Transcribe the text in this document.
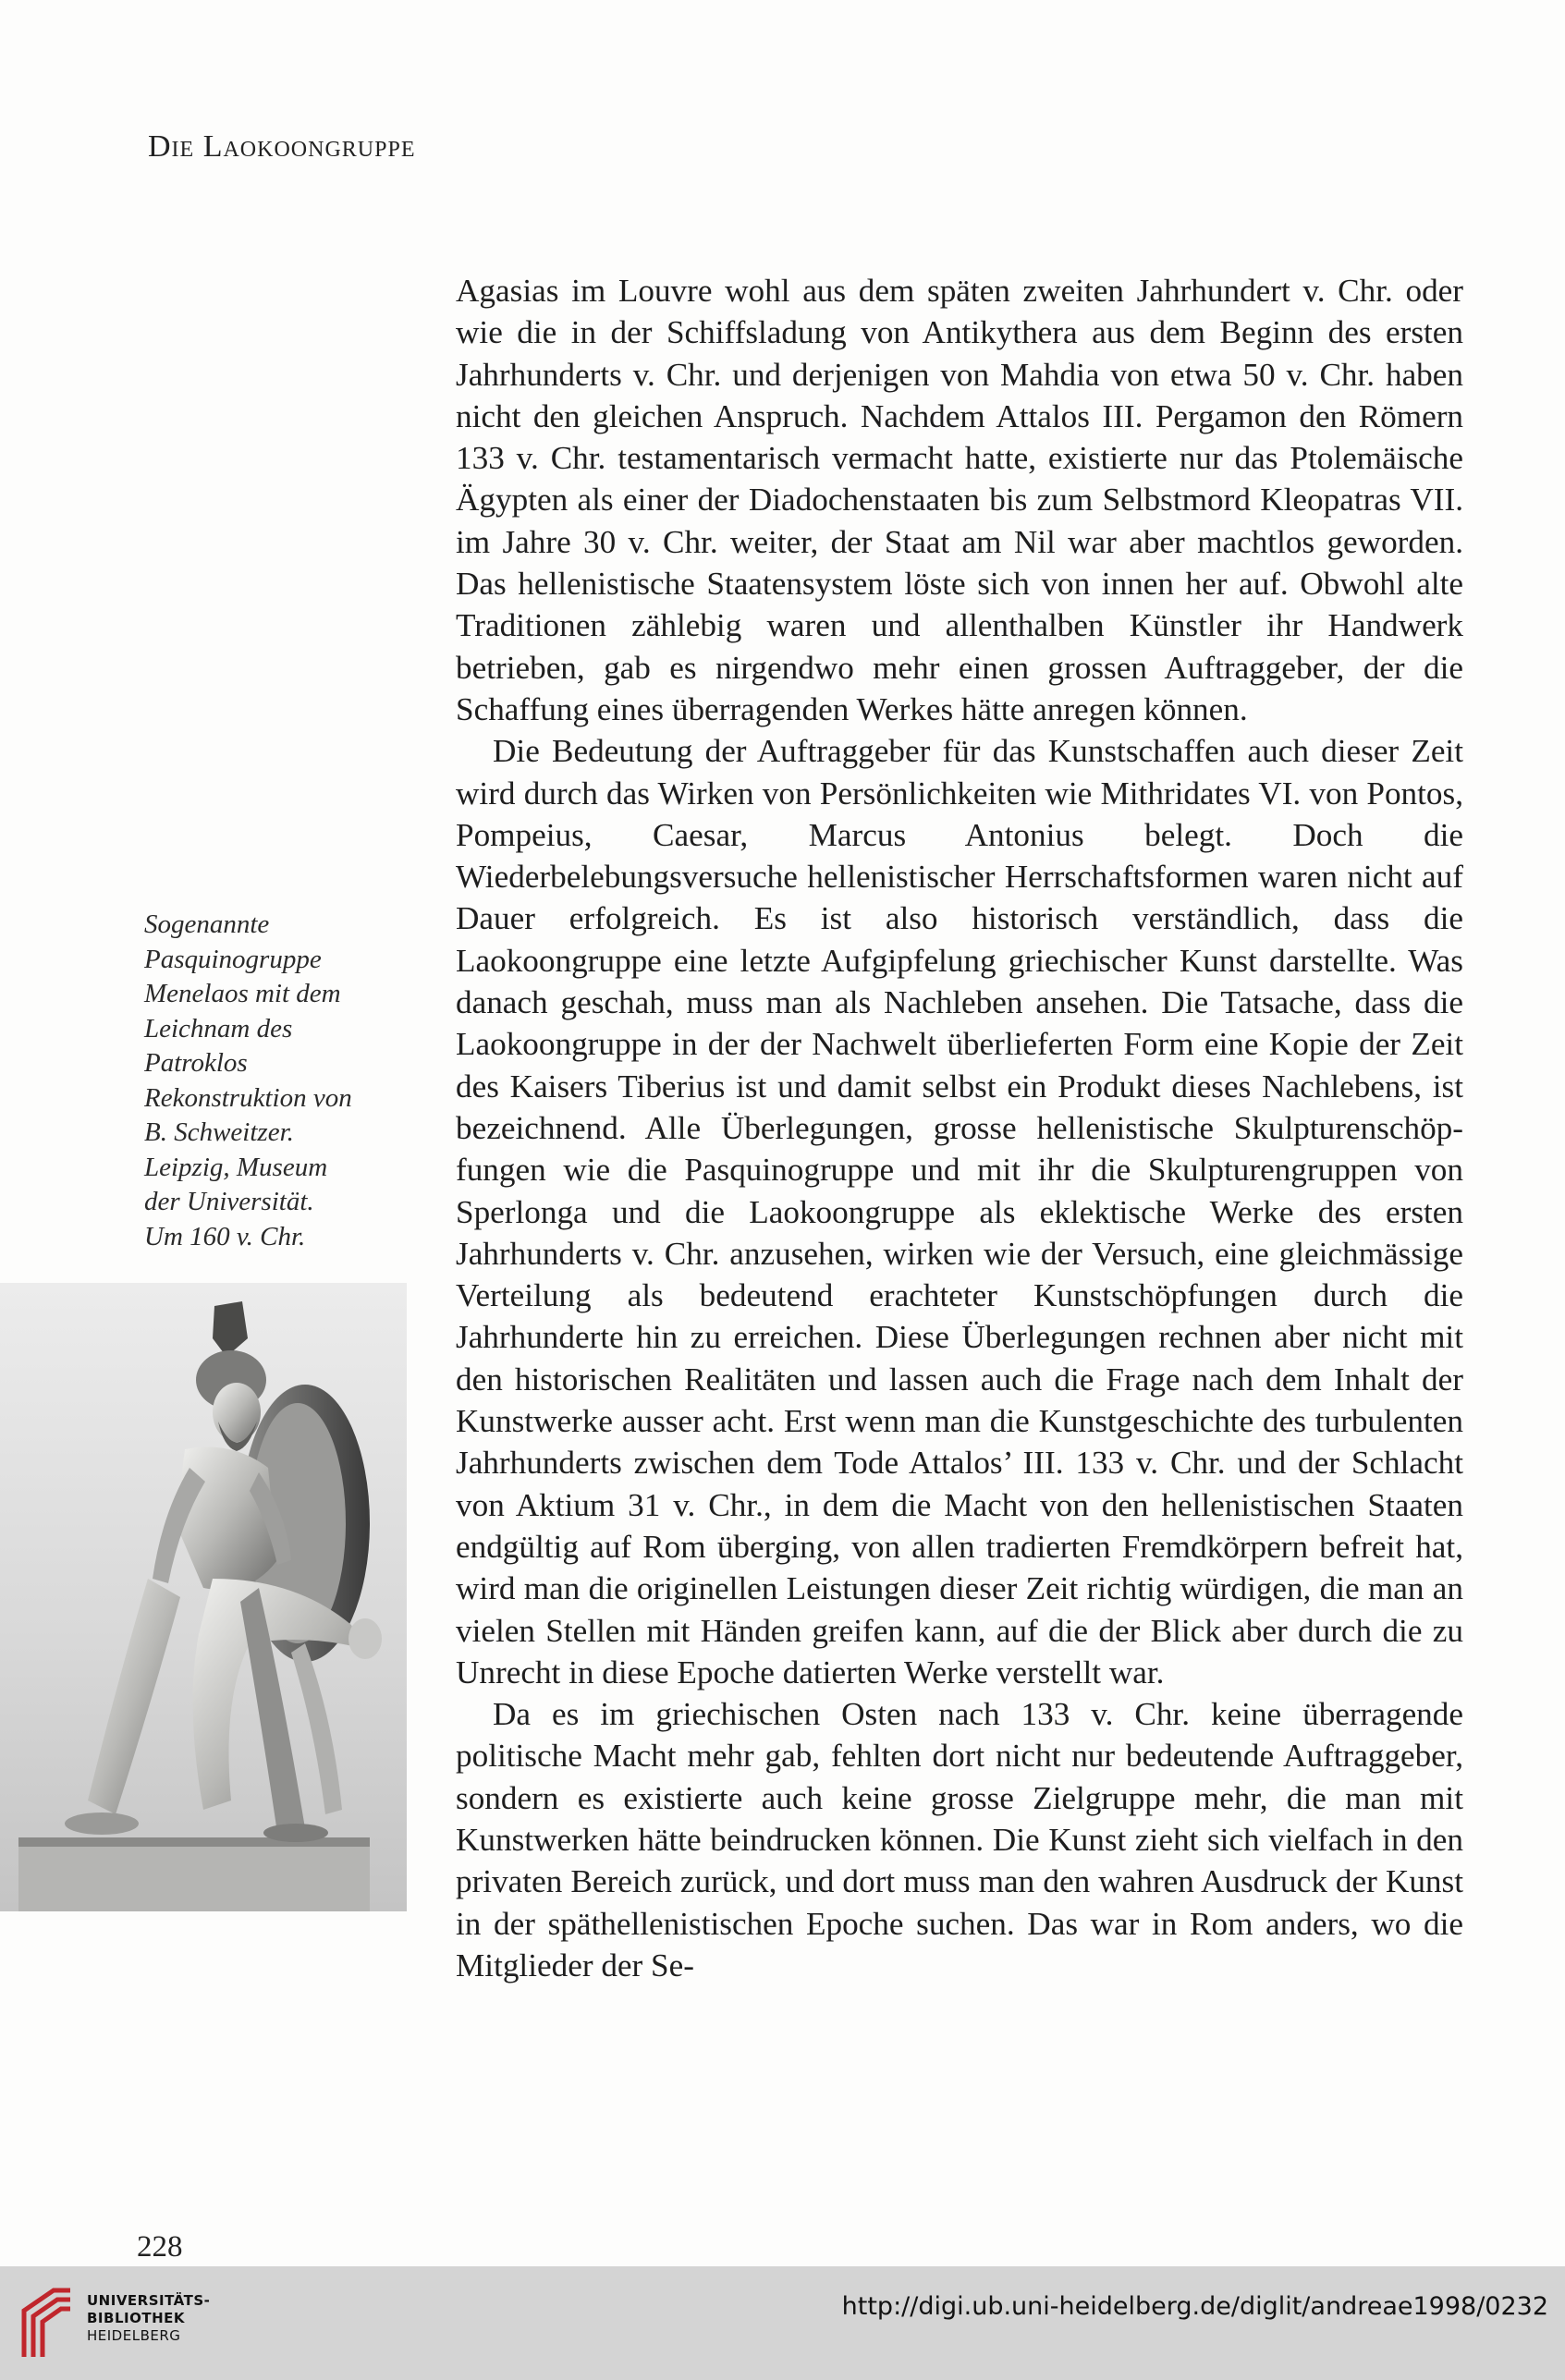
Die Laokoongruppe

Agasias im Louvre wohl aus dem späten zweiten Jahrhundert v. Chr. oder wie die in der Schiffsladung von Antikythera aus dem Beginn des ersten Jahrhunderts v. Chr. und derjenigen von Mahdia von etwa 50 v. Chr. haben nicht den gleichen Anspruch. Nachdem Attalos III. Pergamon den Römern 133 v. Chr. testamentarisch vermacht hatte, existierte nur das Ptolemäische Ägypten als einer der Diadochenstaaten bis zum Selbstmord Kleopatras VII. im Jahre 30 v. Chr. weiter, der Staat am Nil war aber machtlos geworden. Das hellenistische Staatensystem löste sich von innen her auf. Obwohl alte Traditionen zählebig waren und allenthalben Künstler ihr Handwerk betrieben, gab es nirgendwo mehr einen grossen Auftraggeber, der die Schaffung eines überragenden Werkes hätte anregen können.

Die Bedeutung der Auftraggeber für das Kunstschaffen auch dieser Zeit wird durch das Wirken von Persönlichkeiten wie Mithridates VI. von Pontos, Pompeius, Caesar, Marcus Antonius belegt. Doch die Wiederbelebungsversuche hellenistischer Herrschaftsformen waren nicht auf Dauer erfolgreich. Es ist also historisch verständlich, dass die Laokoongruppe eine letzte Aufgipfelung griechischer Kunst darstellte. Was danach geschah, muss man als Nachleben ansehen. Die Tatsache, dass die Laokoongruppe in der der Nachwelt überlieferten Form eine Kopie der Zeit des Kaisers Tiberius ist und damit selbst ein Produkt dieses Nachlebens, ist bezeichnend. Alle Überlegungen, grosse hellenistische Skulpturenschöpfungen wie die Pasquinogruppe und mit ihr die Skulpturengruppen von Sperlonga und die Laokoongruppe als eklektische Werke des ersten Jahrhunderts v. Chr. anzusehen, wirken wie der Versuch, eine gleichmässige Verteilung als bedeutend erachteter Kunstschöpfungen durch die Jahrhunderte hin zu erreichen. Diese Überlegungen rechnen aber nicht mit den historischen Realitäten und lassen auch die Frage nach dem Inhalt der Kunstwerke ausser acht. Erst wenn man die Kunstgeschichte des turbulenten Jahrhunderts zwischen dem Tode Attalos’ III. 133 v. Chr. und der Schlacht von Aktium 31 v. Chr., in dem die Macht von den hellenistischen Staaten endgültig auf Rom überging, von allen tradierten Fremdkörpern befreit hat, wird man die originellen Leistungen dieser Zeit richtig würdigen, die man an vielen Stellen mit Händen greifen kann, auf die der Blick aber durch die zu Unrecht in diese Epoche datierten Werke verstellt war.

Da es im griechischen Osten nach 133 v. Chr. keine überragende politische Macht mehr gab, fehlten dort nicht nur bedeutende Auftraggeber, sondern es existierte auch keine grosse Zielgruppe mehr, die man mit Kunstwerken hätte beindrucken können. Die Kunst zieht sich vielfach in den privaten Bereich zurück, und dort muss man den wahren Ausdruck der Kunst in der späthellenistischen Epoche suchen. Das war in Rom anders, wo die Mitglieder der Se-

Sogenannte
Pasquinogruppe
Menelaos mit dem
Leichnam des
Patroklos
Rekonstruktion von
B. Schweitzer.
Leipzig, Museum
der Universität.
Um 160 v. Chr.
228
UNIVERSITÄTS-
BIBLIOTHEK
HEIDELBERG
http://digi.ub.uni-heidelberg.de/diglit/andreae1998/0232
